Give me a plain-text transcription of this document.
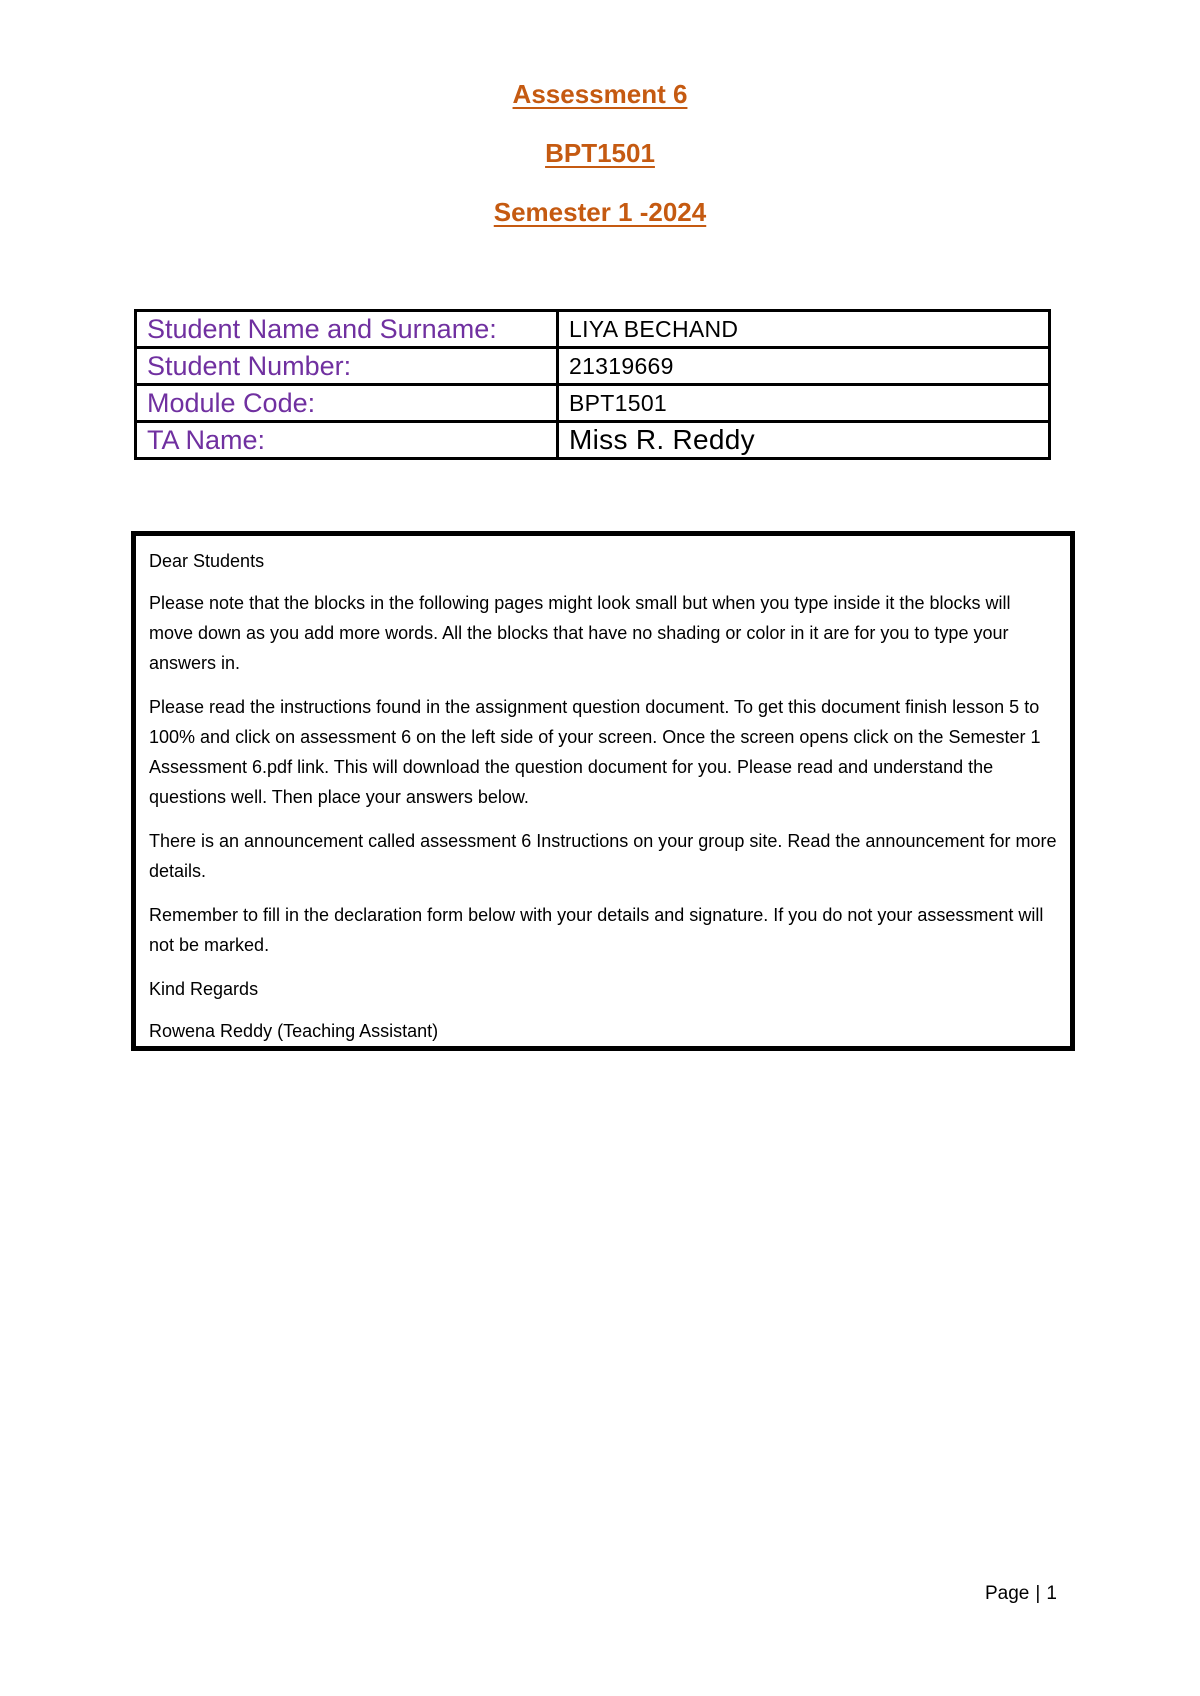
Assessment 6
BPT1501
Semester 1 -2024
Student Name and Surname:	LIYA BECHAND
Student Number:	21319669
Module Code:	BPT1501
TA Name:	Miss R. Reddy

Dear Students

Please note that the blocks in the following pages might look small but when you type inside it the blocks will move down as you add more words. All the blocks that have no shading or color in it are for you to type your answers in.

Please read the instructions found in the assignment question document. To get this document finish lesson 5 to 100% and click on assessment 6 on the left side of your screen. Once the screen opens click on the Semester 1 Assessment 6.pdf link. This will download the question document for you. Please read and understand the questions well. Then place your answers below.

There is an announcement called assessment 6 Instructions on your group site. Read the announcement for more details.

Remember to fill in the declaration form below with your details and signature. If you do not your assessment will not be marked.

Kind Regards

Rowena Reddy (Teaching Assistant)

Page | 1
